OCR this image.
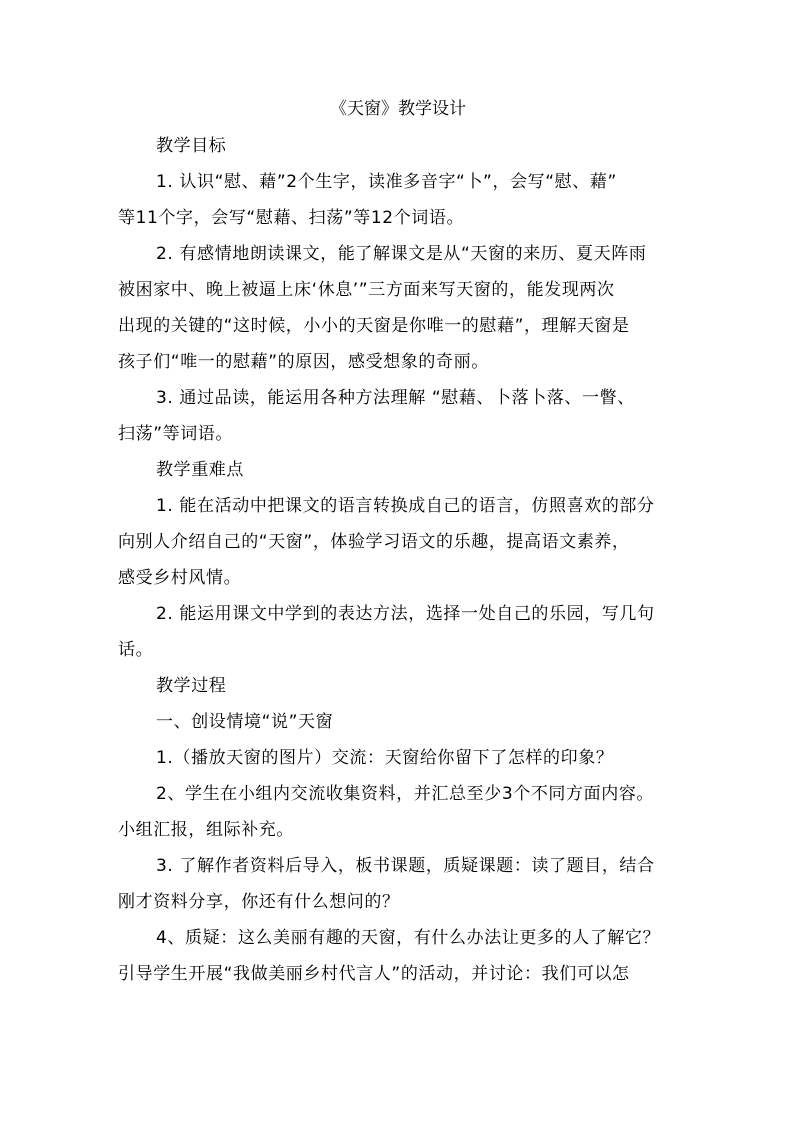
《天窗》教学设计
教学目标
1. 认识“慰、藉”2个生字，读准多音字“卜”，会写“慰、藉”
等11个字，会写“慰藉、扫荡”等12个词语。
2. 有感情地朗读课文，能了解课文是从“天窗的来历、夏天阵雨
被困家中、晚上被逼上床‘休息’”三方面来写天窗的，能发现两次
出现的关键的“这时候，小小的天窗是你唯一的慰藉”，理解天窗是
孩子们“唯一的慰藉”的原因，感受想象的奇丽。
3. 通过品读，能运用各种方法理解 “慰藉、卜落卜落、一瞥、
扫荡”等词语。
教学重难点
1. 能在活动中把课文的语言转换成自己的语言，仿照喜欢的部分
向别人介绍自己的“天窗”，体验学习语文的乐趣，提高语文素养，
感受乡村风情。
2. 能运用课文中学到的表达方法，选择一处自己的乐园，写几句
话。
教学过程
一、创设情境“说”天窗
1.（播放天窗的图片）交流：天窗给你留下了怎样的印象？
2、学生在小组内交流收集资料，并汇总至少3个不同方面内容。
小组汇报，组际补充。
3. 了解作者资料后导入，板书课题，质疑课题：读了题目，结合
刚才资料分享，你还有什么想问的？
4、质疑：这么美丽有趣的天窗，有什么办法让更多的人了解它？
引导学生开展“我做美丽乡村代言人”的活动，并讨论：我们可以怎
